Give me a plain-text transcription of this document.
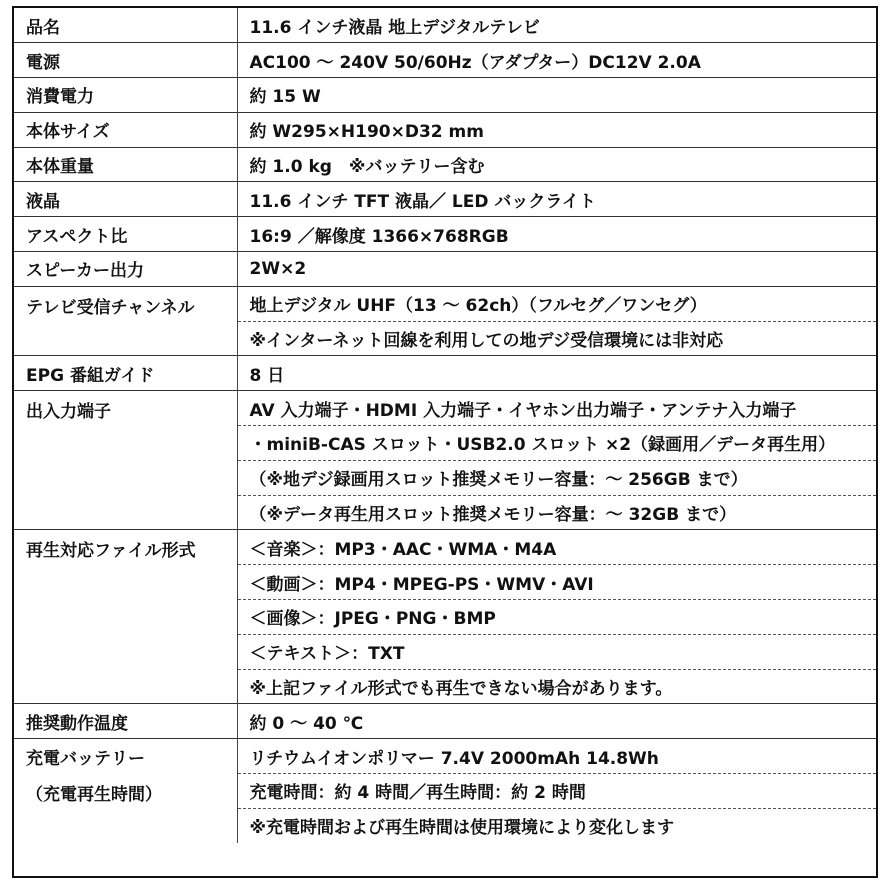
品名	11.6 インチ液晶 地上デジタルテレビ
電源	AC100 ～ 240V 50/60Hz（アダプター）DC12V 2.0A
消費電力	約 15 W
本体サイズ	約 W295×H190×D32 mm
本体重量	約 1.0 kg　※バッテリー含む
液晶	11.6 インチ TFT 液晶／ LED バックライト
アスペクト比	16:9 ／解像度 1366×768RGB
スピーカー出力	2W×2
テレビ受信チャンネル	地上デジタル UHF（13 ～ 62ch）（フルセグ／ワンセグ）
	※インターネット回線を利用しての地デジ受信環境には非対応
EPG 番組ガイド	8 日
出入力端子	AV 入力端子・HDMI 入力端子・イヤホン出力端子・アンテナ入力端子
	・miniB-CAS スロット・USB2.0 スロット ×2（録画用／データ再生用）
	（※地デジ録画用スロット推奨メモリー容量：～ 256GB まで）
	（※データ再生用スロット推奨メモリー容量：～ 32GB まで）
再生対応ファイル形式	＜音楽＞：MP3・AAC・WMA・M4A
	＜動画＞：MP4・MPEG-PS・WMV・AVI
	＜画像＞：JPEG・PNG・BMP
	＜テキスト＞：TXT
	※上記ファイル形式でも再生できない場合があります。
推奨動作温度	約 0 ～ 40 ℃
充電バッテリー	リチウムイオンポリマー 7.4V 2000mAh 14.8Wh
（充電再生時間）	充電時間：約 4 時間／再生時間：約 2 時間
	※充電時間および再生時間は使用環境により変化します
